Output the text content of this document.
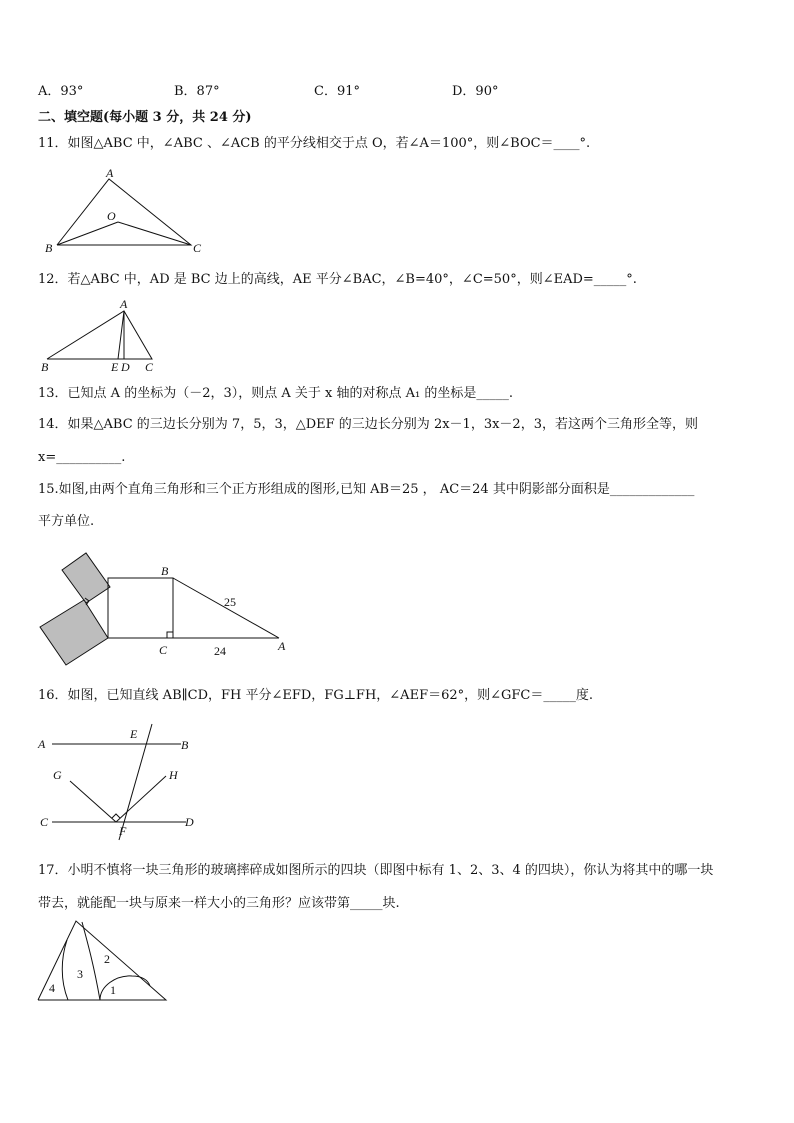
A．93°	B．87°	C．91°	D．90°
二、填空题(每小题 3 分，共 24 分)
11．如图△ABC 中，∠ABC 、∠ACB 的平分线相交于点 O，若∠A＝100°，则∠BOC＝____°.
A
O
B	C
12．若△ABC 中，AD 是 BC 边上的高线，AE 平分∠BAC，∠B=40°，∠C=50°，则∠EAD=_____°.
A
B	E D C
13．已知点 A 的坐标为（－2，3），则点 A 关于 x 轴的对称点 A₁ 的坐标是_____.
14．如果△ABC 的三边长分别为 7，5，3，△DEF 的三边长分别为 2x－1，3x－2，3，若这两个三角形全等，则
x=__________.
15.如图,由两个直角三角形和三个正方形组成的图形,已知 AB＝25 ， AC＝24 其中阴影部分面积是_____________
平方单位.
B
C	A
25
24
16．如图，已知直线 AB∥CD，FH 平分∠EFD，FG⊥FH，∠AEF＝62°，则∠GFC＝_____度.
A
E
B
G	H
C
F
D
17．小明不慎将一块三角形的玻璃摔碎成如图所示的四块（即图中标有 1、2、3、4 的四块），你认为将其中的哪一块
带去，就能配一块与原来一样大小的三角形？应该带第_____块.
2
3
4	1
